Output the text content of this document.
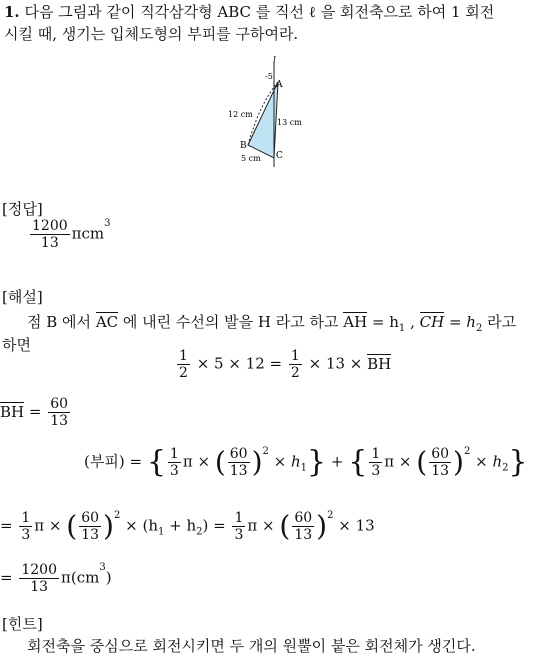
1. 다음 그림과 같이 직각삼각형 ABC 를 직선 ℓ 을 회전축으로 하여 1 회전
시킬 때, 생기는 입체도형의 부피를 구하여라.
l
-5
A
B
C
12 cm
13 cm
5 cm
[정답]
$\frac{1200}{13} \pi cm^3$
[해설]
점 B 에서 AC 에 내린 수선의 발을 H 라고 하고 AH = $h_1$ , CH = $h_2$ 라고
하면
$\frac{1}{2} \times 5 \times 12 = \frac{1}{2} \times 13$ × BH
BH = $\frac{60}{13}$
(부피) = { $\frac{1}{3}$ π × ( $\frac{60}{13} )^2 \times h_1$} + { $\frac{1}{3}$ π × ( $\frac{60}{13} )^2 \times h_2$}
= $\frac{1}{3}$ π × ( $\frac{60}{13} )^2 \times (h_1 + h_2) = \frac{1}{3}$ π × ( $\frac{60}{13} )^2 \times 13$
= $\frac{1200}{13} \pi(cm^3)$
[힌트]
회전축을 중심으로 회전시키면 두 개의 원뿔이 붙은 회전체가 생긴다.
